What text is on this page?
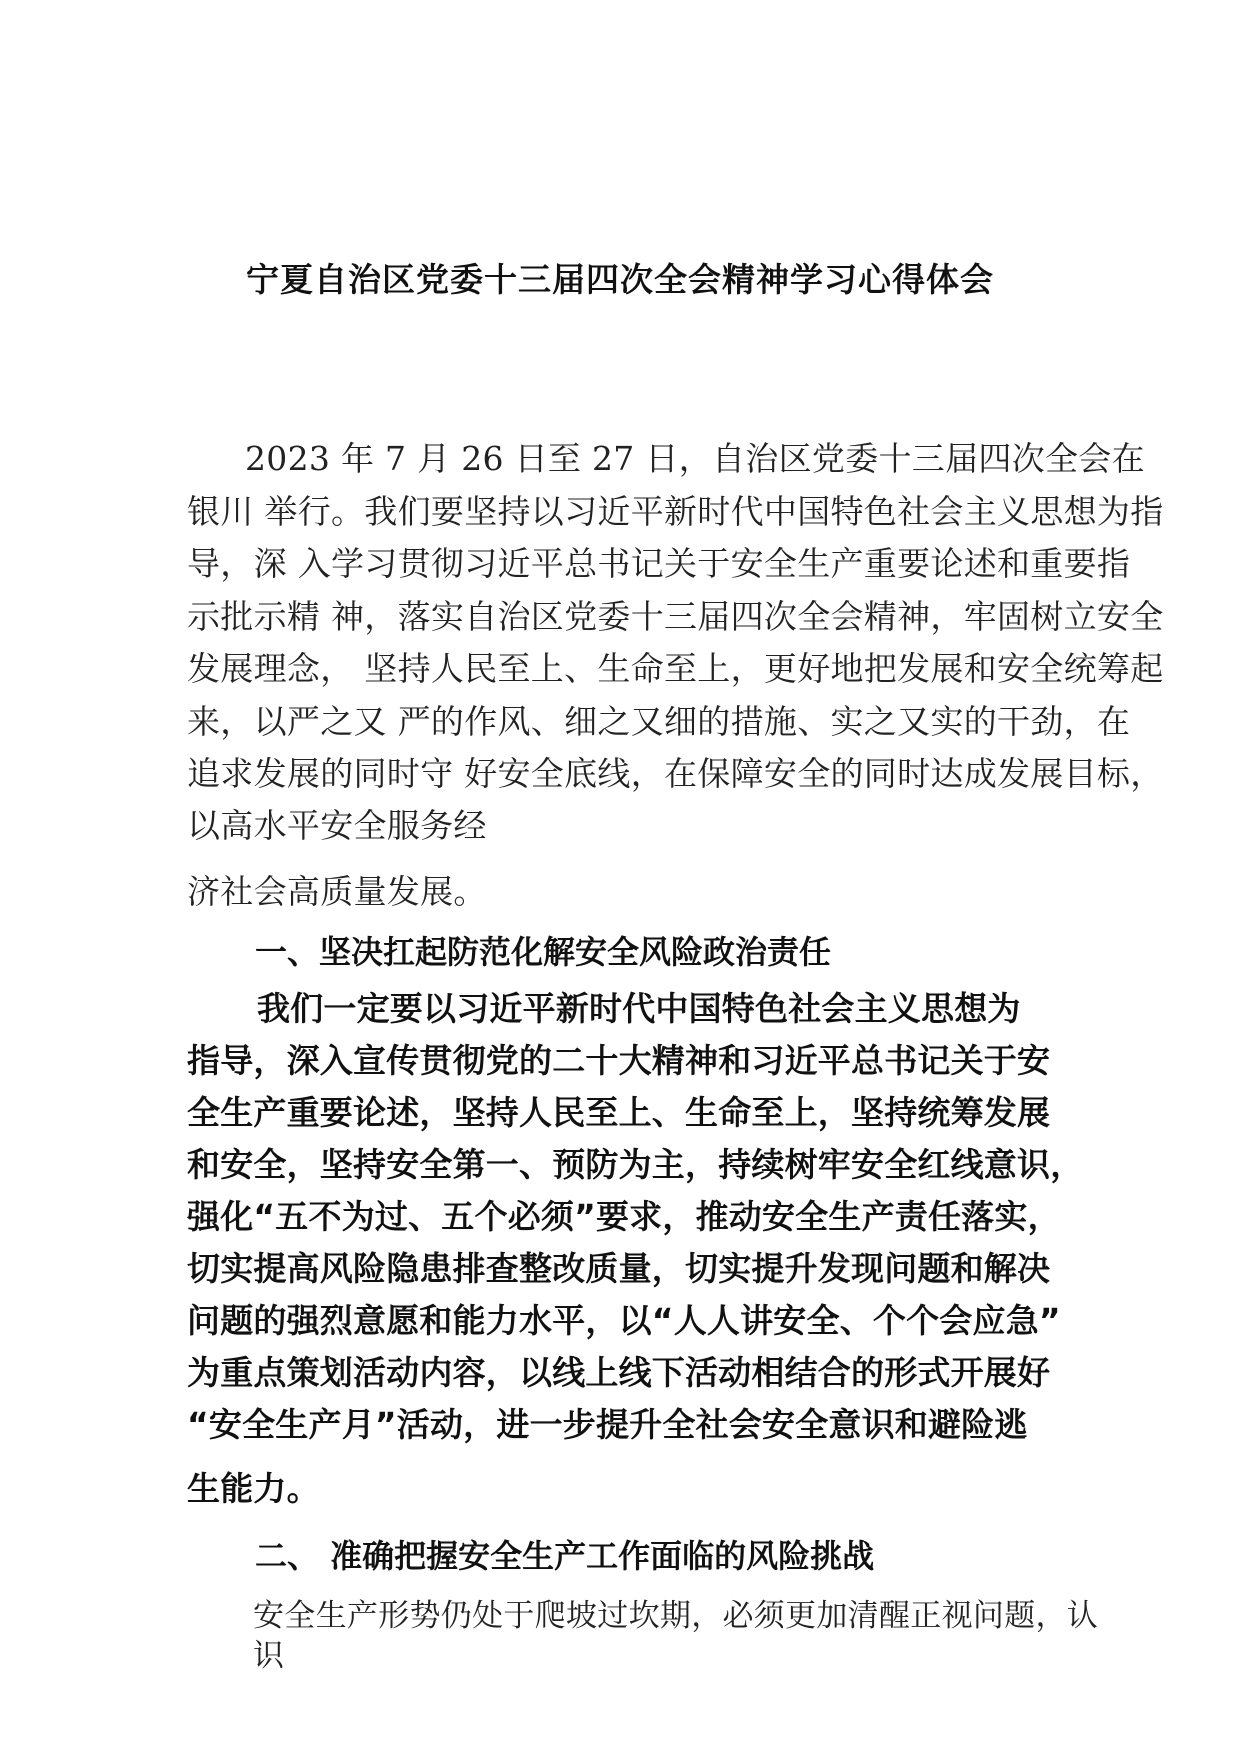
宁夏自治区党委十三届四次全会精神学习心得体会

2023 年 7 月 26 日至 27 日，自治区党委十三届四次全会在

银川 举行。我们要坚持以习近平新时代中国特色社会主义思想为指

导，深 入学习贯彻习近平总书记关于安全生产重要论述和重要指

示批示精 神，落实自治区党委十三届四次全会精神，牢固树立安全

发展理念， 坚持人民至上、生命至上，更好地把发展和安全统筹起

来，以严之又 严的作风、细之又细的措施、实之又实的干劲，在

追求发展的同时守 好安全底线，在保障安全的同时达成发展目标，

以高水平安全服务经

济社会高质量发展。

一、坚决扛起防范化解安全风险政治责任

我们一定要以习近平新时代中国特色社会主义思想为

指导，深入宣传贯彻党的二十大精神和习近平总书记关于安

全生产重要论述，坚持人民至上、生命至上，坚持统筹发展

和安全，坚持安全第一、预防为主，持续树牢安全红线意识，

强化“五不为过、五个必须”要求，推动安全生产责任落实，

切实提高风险隐患排查整改质量，切实提升发现问题和解决

问题的强烈意愿和能力水平，以“人人讲安全、个个会应急”

为重点策划活动内容，以线上线下活动相结合的形式开展好

“安全生产月”活动，进一步提升全社会安全意识和避险逃

生能力。

二、 准确把握安全生产工作面临的风险挑战

安全生产形势仍处于爬坡过坎期，必须更加清醒正视问题，认

识
